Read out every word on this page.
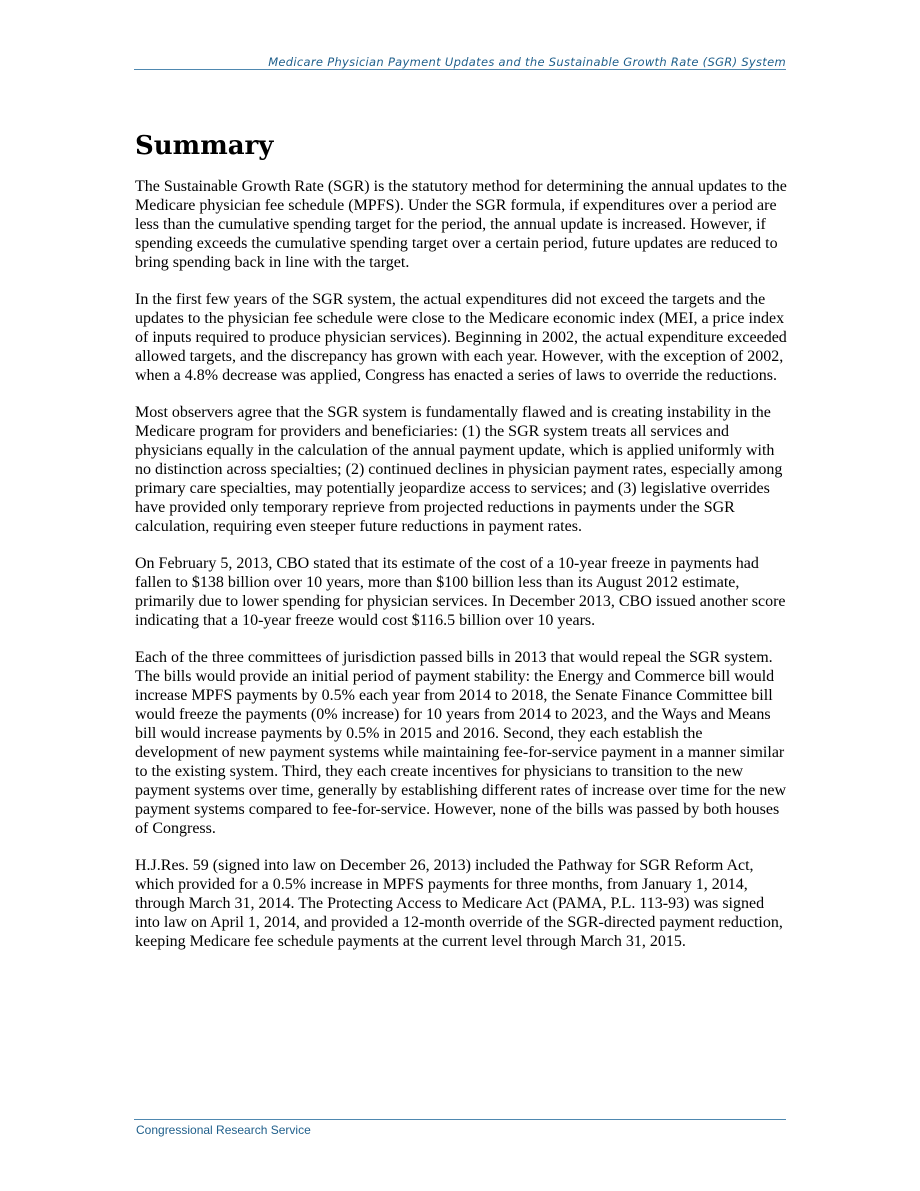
Medicare Physician Payment Updates and the Sustainable Growth Rate (SGR) System
Summary

The Sustainable Growth Rate (SGR) is the statutory method for determining the annual updates to the Medicare physician fee schedule (MPFS). Under the SGR formula, if expenditures over a period are less than the cumulative spending target for the period, the annual update is increased. However, if spending exceeds the cumulative spending target over a certain period, future updates are reduced to bring spending back in line with the target.

In the first few years of the SGR system, the actual expenditures did not exceed the targets and the updates to the physician fee schedule were close to the Medicare economic index (MEI, a price index of inputs required to produce physician services). Beginning in 2002, the actual expenditure exceeded allowed targets, and the discrepancy has grown with each year. However, with the exception of 2002, when a 4.8% decrease was applied, Congress has enacted a series of laws to override the reductions.

Most observers agree that the SGR system is fundamentally flawed and is creating instability in the Medicare program for providers and beneficiaries: (1) the SGR system treats all services and physicians equally in the calculation of the annual payment update, which is applied uniformly with no distinction across specialties; (2) continued declines in physician payment rates, especially among primary care specialties, may potentially jeopardize access to services; and (3) legislative overrides have provided only temporary reprieve from projected reductions in payments under the SGR calculation, requiring even steeper future reductions in payment rates.

On February 5, 2013, CBO stated that its estimate of the cost of a 10-year freeze in payments had fallen to $138 billion over 10 years, more than $100 billion less than its August 2012 estimate, primarily due to lower spending for physician services. In December 2013, CBO issued another score indicating that a 10-year freeze would cost $116.5 billion over 10 years.

Each of the three committees of jurisdiction passed bills in 2013 that would repeal the SGR system. The bills would provide an initial period of payment stability: the Energy and Commerce bill would increase MPFS payments by 0.5% each year from 2014 to 2018, the Senate Finance Committee bill would freeze the payments (0% increase) for 10 years from 2014 to 2023, and the Ways and Means bill would increase payments by 0.5% in 2015 and 2016. Second, they each establish the development of new payment systems while maintaining fee-for-service payment in a manner similar to the existing system. Third, they each create incentives for physicians to transition to the new payment systems over time, generally by establishing different rates of increase over time for the new payment systems compared to fee-for-service. However, none of the bills was passed by both houses of Congress.

H.J.Res. 59 (signed into law on December 26, 2013) included the Pathway for SGR Reform Act, which provided for a 0.5% increase in MPFS payments for three months, from January 1, 2014, through March 31, 2014. The Protecting Access to Medicare Act (PAMA, P.L. 113-93) was signed into law on April 1, 2014, and provided a 12-month override of the SGR-directed payment reduction, keeping Medicare fee schedule payments at the current level through March 31, 2015.

Congressional Research Service
